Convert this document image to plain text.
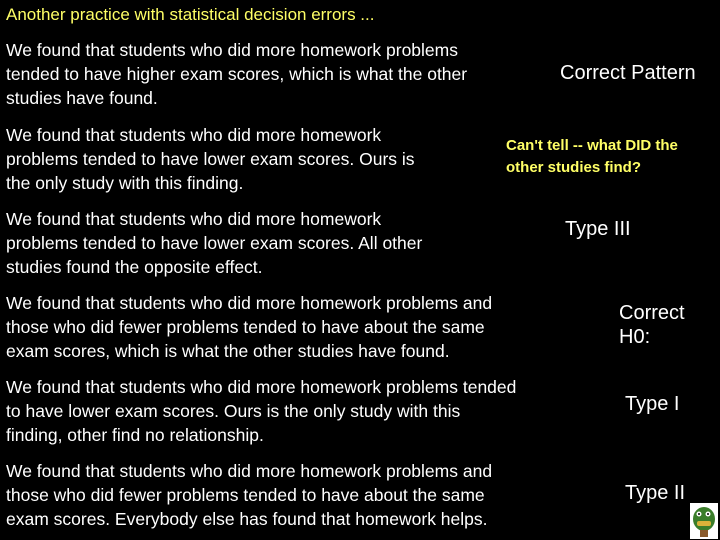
Another practice with statistical decision errors ...
We found that students who did more homework problems
tended to have higher exam scores, which is what the other
studies have found.
Correct Pattern
We found that students who did more homework
problems tended to have lower exam scores. Ours is
the only study with this finding.
Can't tell -- what DID the
other studies find?
We found that students who did more homework
problems tended to have lower exam scores. All other
studies found the opposite effect.
Type III
We found that students who did more homework problems and
those who did fewer problems tended to have about the same
exam scores, which is what the other studies have found.
Correct
H0:
We found that students who did more homework problems tended
to have lower exam scores. Ours is the only study with this
finding, other find no relationship.
Type I
We found that students who did more homework problems and
those who did fewer problems tended to have about the same
exam scores. Everybody else has found that homework helps.
Type II
